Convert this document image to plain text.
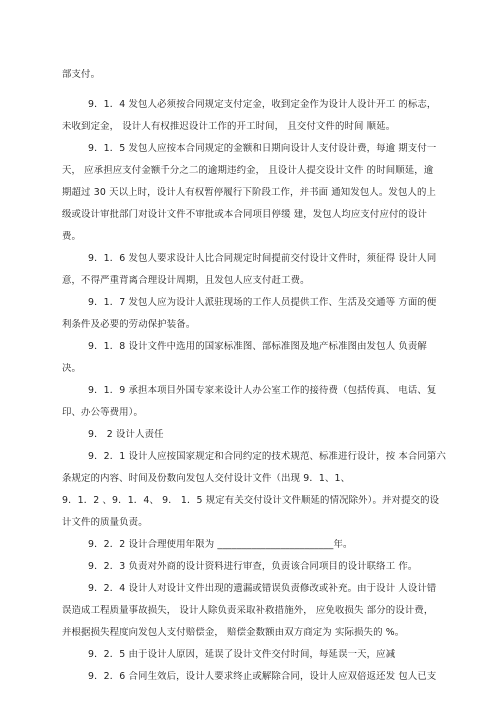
部支付。
9．1．4 发包人必须按合同规定支付定金，收到定金作为设计人设计开工 的标志，
未收到定金， 设计人有权推迟设计工作的开工时间， 且交付文件的时间 顺延。
9．1．5 发包人应按本合同规定的金额和日期向设计人支付设计费，每逾 期支付一
天， 应承担应支付金额千分之二的逾期违约金， 且设计人提交设计文件 的时间顺延，逾
期超过 30 天以上时，设计人有权暂停履行下阶段工作，并书面 通知发包人。发包人的上
级或设计审批部门对设计文件不审批或本合同项目停缓 建，发包人均应支付应付的设计
费。
9．1．6 发包人要求设计人比合同规定时间提前交付设计文件时，须征得 设计人同
意，不得严重背离合理设计周期，且发包人应支付赶工费。
9．1．7 发包人应为设计人派驻现场的工作人员提供工作、生活及交通等 方面的便
利条件及必要的劳动保护装备。
9．1．8 设计文件中选用的国家标准图、部标准图及地产标准图由发包人 负责解
决。
9．1．9 承担本项目外国专家来设计人办公室工作的接待费（包括传真、 电话、复
印、办公等费用）。
9． 2 设计人责任
9．2．1 设计人应按国家规定和合同约定的技术规范、标准进行设计，按 本合同第六
条规定的内容、时间及份数向发包人交付设计文件（出现 9．1、1、
9．1．2 、9．1．4、 9． 1．5 规定有关交付设计文件顺延的情况除外）。并对提交的设
计文件的质量负责。
9．2．2 设计合理使用年限为 ________________________年。
9．2．3 负责对外商的设计资料进行审查，负责该合同项目的设计联络工 作。
9．2．4 设计人对设计文件出现的遗漏或错误负责修改或补充。由于设计 人设计错
误造成工程质量事故损失， 设计人除负责采取补救措施外， 应免收损失 部分的设计费，
并根据损失程度向发包人支付赔偿金， 赔偿金数额由双方商定为 实际损失的 %。
9．2．5 由于设计人原因，延误了设计文件交付时间，每延误一天，应减
9．2．6 合同生效后，设计人要求终止或解除合同，设计人应双倍返还发 包人已支
